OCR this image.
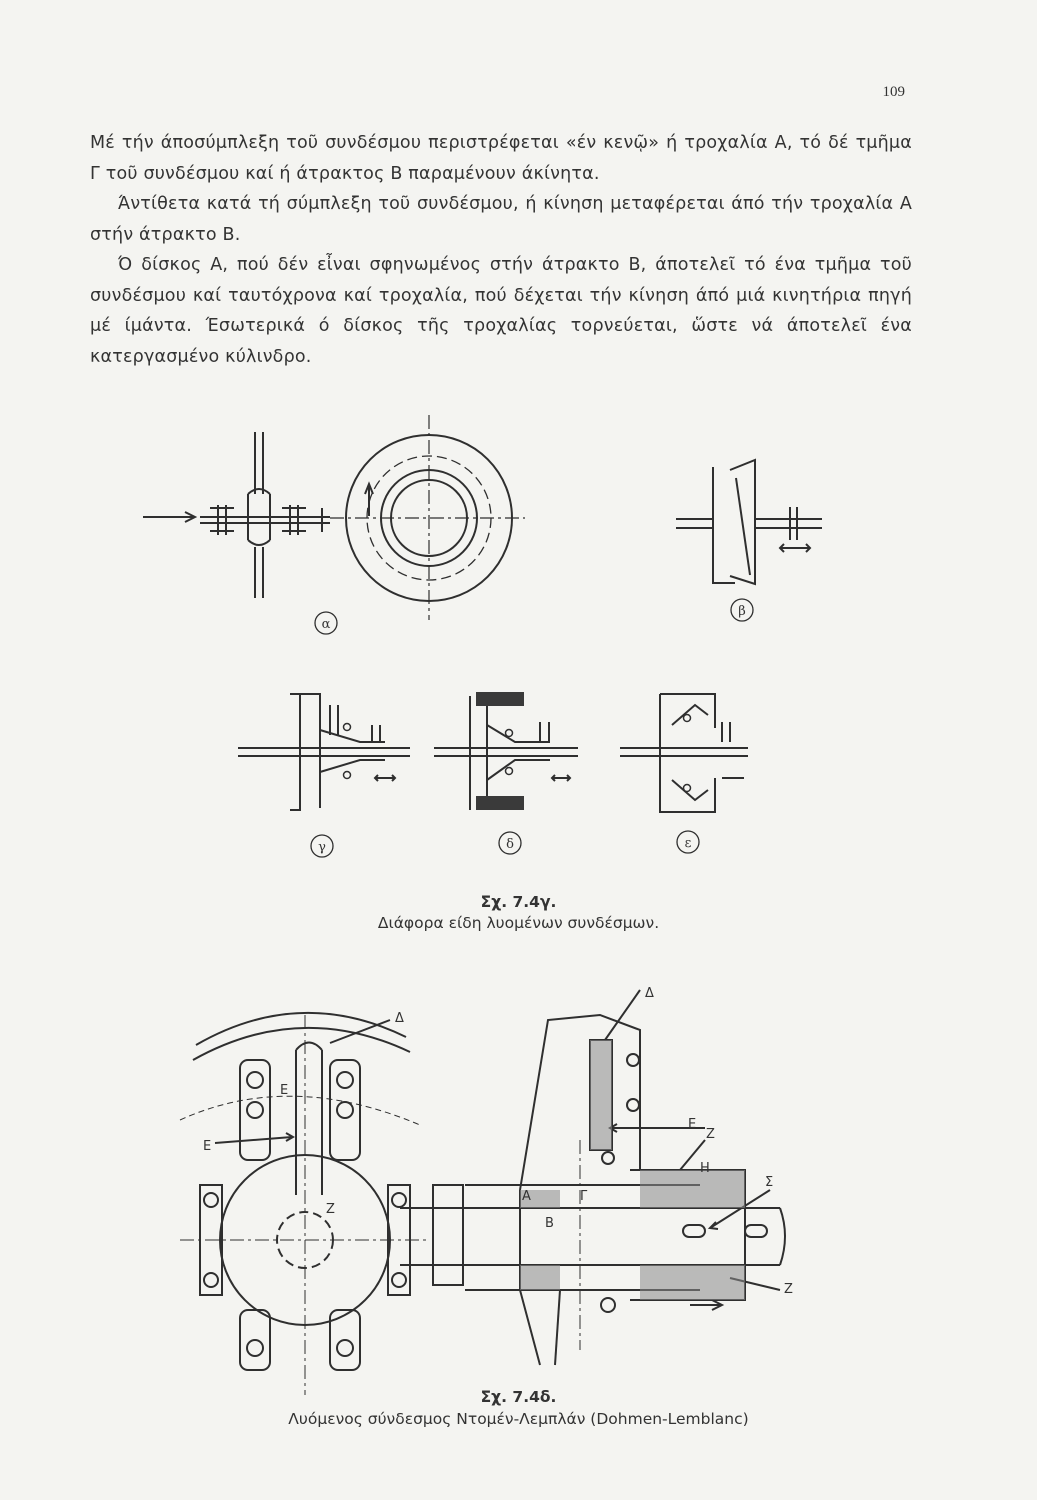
109

Μέ τήν άποσύμπλεξη τοῦ συνδέσμου περιστρέφεται «έν κενῷ» ή τροχαλία Α, τό δέ τμῆμα Γ τοῦ συνδέσμου καί ή άτρακτος Β παραμένουν άκίνητα.

Άντίθετα κατά τή σύμπλεξη τοῦ συνδέσμου, ή κίνηση μεταφέρεται άπό τήν τροχαλία Α στήν άτρακτο Β.

Ό δίσκος Α, πού δέν εἶναι σφηνωμένος στήν άτρακτο Β, άποτελεῖ τό ένα τμῆμα τοῦ συνδέσμου καί ταυτόχρονα καί τροχαλία, πού δέχεται τήν κίνηση άπό μιά κινητήρια πηγή μέ ίμάντα. Έσωτερικά ό δίσκος τῆς τροχαλίας τορνεύεται, ὥστε νά άποτελεῖ ένα κατεργασμένο κύλινδρο.

α
β
γ	δ	ε
Σχ. 7.4γ.
Διάφορα είδη λυομένων συνδέσμων.
Δ
Ε
Ε
Ζ
Δ
Ε
Ζ
Η
Σ
Α	Γ
Β
Ζ
Σχ. 7.4δ.
Λυόμενος σύνδεσμος Ντομέν-Λεμπλάν (Dohmen-Lemblanc)
